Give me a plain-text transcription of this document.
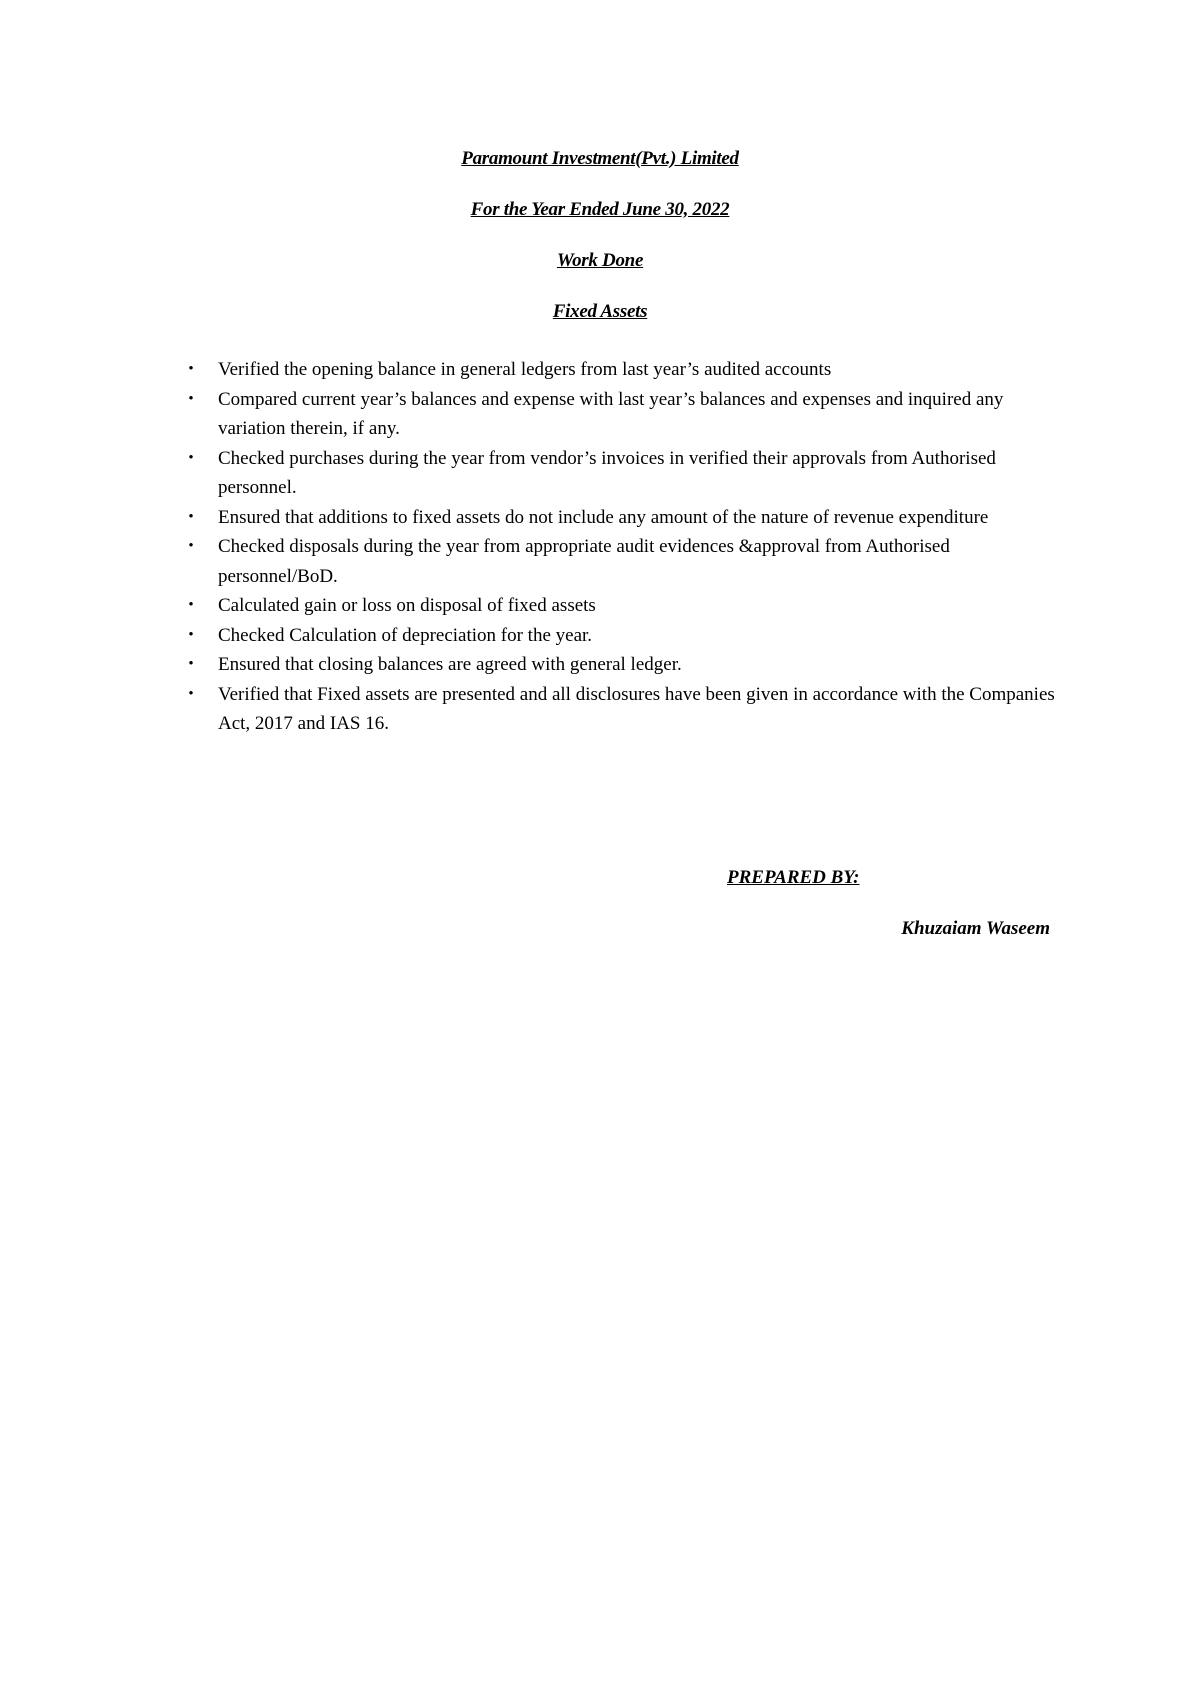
Paramount Investment(Pvt.) Limited
For the Year Ended June 30, 2022
Work Done
Fixed Assets
• Verified the opening balance in general ledgers from last year’s audited accounts
• Compared current year’s balances and expense with last year’s balances and expenses and inquired any variation therein, if any.
• Checked purchases during the year from vendor’s invoices in verified their approvals from Authorised personnel.
• Ensured that additions to fixed assets do not include any amount of the nature of revenue expenditure
• Checked disposals during the year from appropriate audit evidences &approval from Authorised personnel/BoD.
• Calculated gain or loss on disposal of fixed assets
• Checked Calculation of depreciation for the year.
• Ensured that closing balances are agreed with general ledger.
• Verified that Fixed assets are presented and all disclosures have been given in accordance with the Companies Act, 2017 and IAS 16.
PREPARED BY:
Khuzaiam Waseem
